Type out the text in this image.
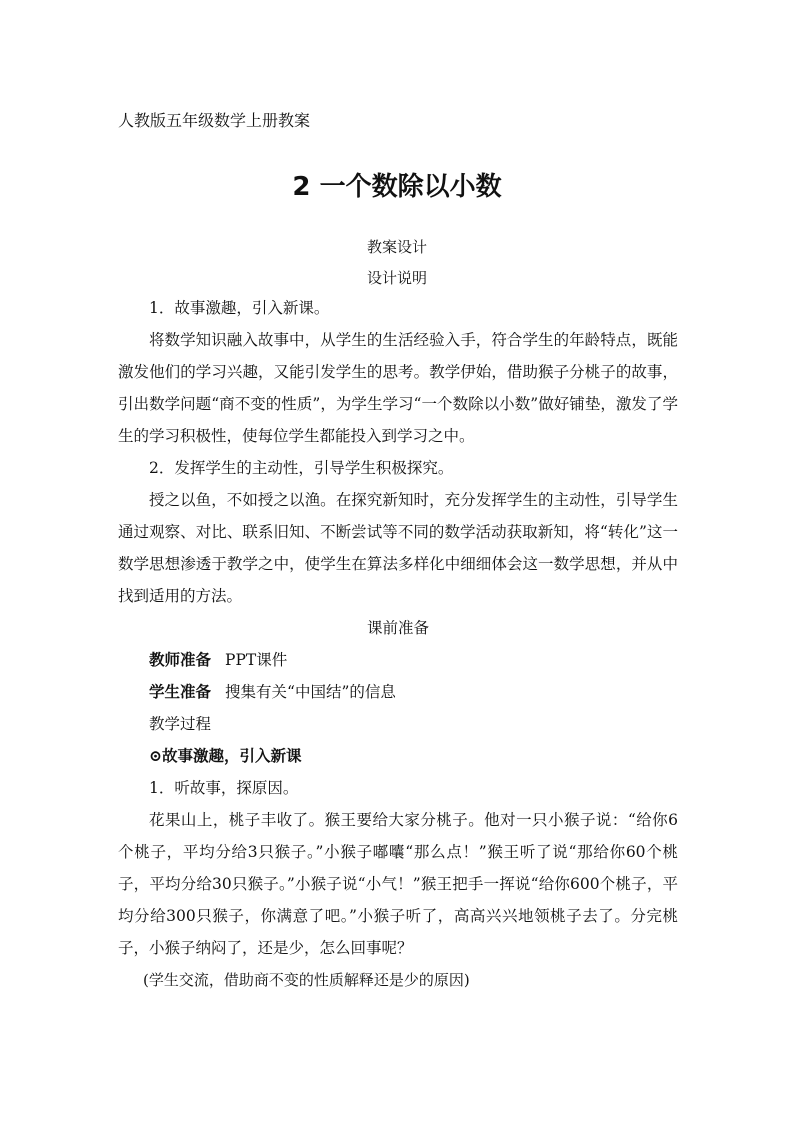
人教版五年级数学上册教案
2 一个数除以小数
教案设计
设计说明

1．故事激趣，引入新课。

将数学知识融入故事中，从学生的生活经验入手，符合学生的年龄特点，既能激发他们的学习兴趣，又能引发学生的思考。教学伊始，借助猴子分桃子的故事，引出数学问题“商不变的性质”，为学生学习“一个数除以小数”做好铺垫，激发了学生的学习积极性，使每位学生都能投入到学习之中。

2．发挥学生的主动性，引导学生积极探究。

授之以鱼，不如授之以渔。在探究新知时，充分发挥学生的主动性，引导学生通过观察、对比、联系旧知、不断尝试等不同的数学活动获取新知，将“转化”这一数学思想渗透于教学之中，使学生在算法多样化中细细体会这一数学思想，并从中找到适用的方法。

课前准备

教师准备 PPT课件

学生准备 搜集有关“中国结”的信息

教学过程

⊙故事激趣，引入新课

1．听故事，探原因。

花果山上，桃子丰收了。猴王要给大家分桃子。他对一只小猴子说：“给你6个桃子，平均分给3只猴子。”小猴子嘟囔“那么点！”猴王听了说“那给你60个桃子，平均分给30只猴子。”小猴子说“小气！”猴王把手一挥说“给你600个桃子，平均分给300只猴子，你满意了吧。”小猴子听了，高高兴兴地领桃子去了。分完桃子，小猴子纳闷了，还是少，怎么回事呢？

(学生交流，借助商不变的性质解释还是少的原因)
